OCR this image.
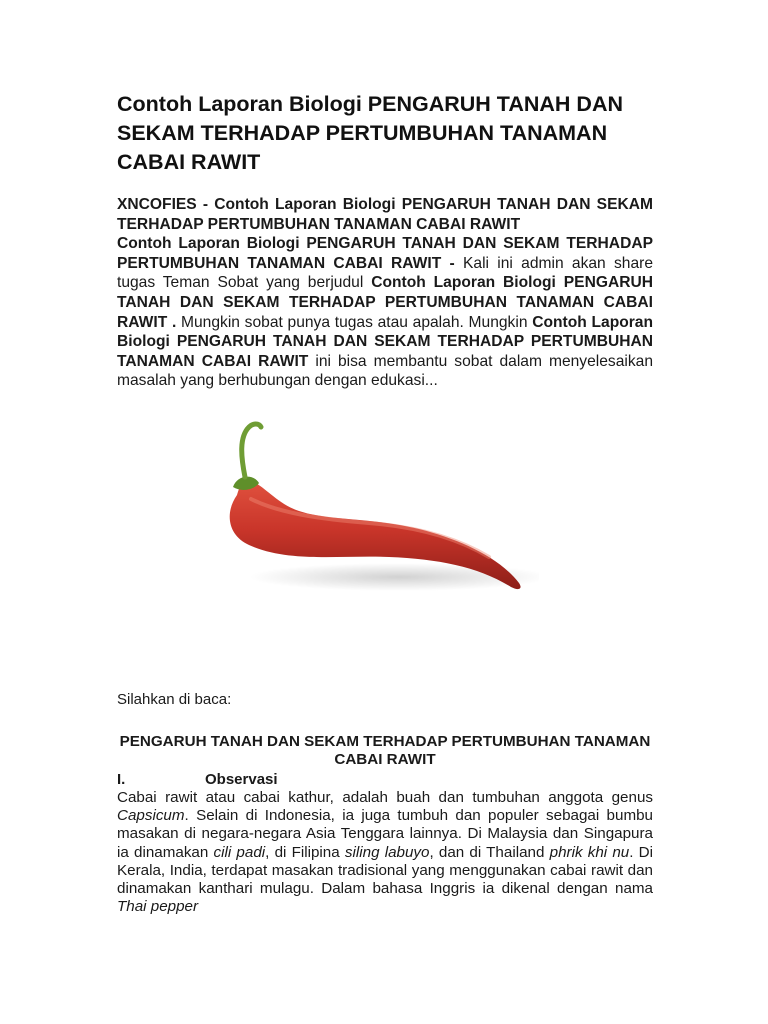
Contoh Laporan Biologi PENGARUH TANAH DAN SEKAM TERHADAP PERTUMBUHAN TANAMAN CABAI RAWIT
XNCOFIES - Contoh Laporan Biologi PENGARUH TANAH DAN SEKAM TERHADAP PERTUMBUHAN TANAMAN CABAI RAWIT
Contoh Laporan Biologi PENGARUH TANAH DAN SEKAM TERHADAP PERTUMBUHAN TANAMAN CABAI RAWIT - Kali ini admin akan share tugas Teman Sobat yang berjudul Contoh Laporan Biologi PENGARUH TANAH DAN SEKAM TERHADAP PERTUMBUHAN TANAMAN CABAI RAWIT . Mungkin sobat punya tugas atau apalah. Mungkin Contoh Laporan Biologi PENGARUH TANAH DAN SEKAM TERHADAP PERTUMBUHAN TANAMAN CABAI RAWIT ini bisa membantu sobat dalam menyelesaikan masalah yang berhubungan dengan edukasi...

Silahkan di baca:

PENGARUH TANAH DAN SEKAM TERHADAP PERTUMBUHAN TANAMAN CABAI RAWIT

I.	Observasi

Cabai rawit atau cabai kathur, adalah buah dan tumbuhan anggota genus Capsicum. Selain di Indonesia, ia juga tumbuh dan populer sebagai bumbu masakan di negara-negara Asia Tenggara lainnya. Di Malaysia dan Singapura ia dinamakan cili padi, di Filipina siling labuyo, dan di Thailand phrik khi nu. Di Kerala, India, terdapat masakan tradisional yang menggunakan cabai rawit dan dinamakan kanthari mulagu. Dalam bahasa Inggris ia dikenal dengan nama Thai pepper
